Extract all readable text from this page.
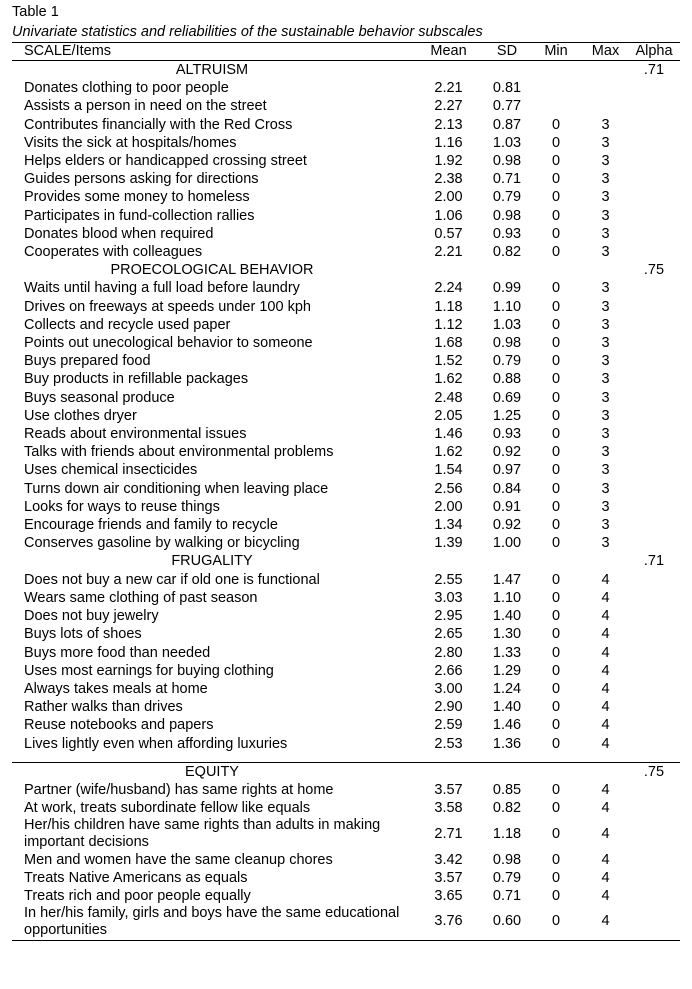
Table 1
Univariate statistics and reliabilities of the sustainable behavior subscales
SCALE/Items	Mean	SD	Min	Max	Alpha
ALTRUISM	.71
Donates clothing to poor people	2.21	0.81
Assists a person in need on the street	2.27	0.77
Contributes financially with the Red Cross	2.13	0.87	0	3
Visits the sick at hospitals/homes	1.16	1.03	0	3
Helps elders or handicapped crossing street	1.92	0.98	0	3
Guides persons asking for directions	2.38	0.71	0	3
Provides some money to homeless	2.00	0.79	0	3
Participates in fund-collection rallies	1.06	0.98	0	3
Donates blood when required	0.57	0.93	0	3
Cooperates with colleagues	2.21	0.82	0	3
PROECOLOGICAL BEHAVIOR	.75
Waits until having a full load before laundry	2.24	0.99	0	3
Drives on freeways at speeds under 100 kph	1.18	1.10	0	3
Collects and recycle used paper	1.12	1.03	0	3
Points out unecological behavior to someone	1.68	0.98	0	3
Buys prepared food	1.52	0.79	0	3
Buy products in refillable packages	1.62	0.88	0	3
Buys seasonal produce	2.48	0.69	0	3
Use clothes dryer	2.05	1.25	0	3
Reads about environmental issues	1.46	0.93	0	3
Talks with friends about environmental problems	1.62	0.92	0	3
Uses chemical insecticides	1.54	0.97	0	3
Turns down air conditioning when leaving place	2.56	0.84	0	3
Looks for ways to reuse things	2.00	0.91	0	3
Encourage friends and family to recycle	1.34	0.92	0	3
Conserves gasoline by walking or bicycling	1.39	1.00	0	3
FRUGALITY	.71
Does not buy a new car if old one is functional	2.55	1.47	0	4
Wears same clothing of past season	3.03	1.10	0	4
Does not buy jewelry	2.95	1.40	0	4
Buys lots of shoes	2.65	1.30	0	4
Buys more food than needed	2.80	1.33	0	4
Uses most earnings for buying clothing	2.66	1.29	0	4
Always takes meals at home	3.00	1.24	0	4
Rather walks than drives	2.90	1.40	0	4
Reuse notebooks and papers	2.59	1.46	0	4
Lives lightly even when affording luxuries	2.53	1.36	0	4
EQUITY	.75
Partner (wife/husband) has same rights at home	3.57	0.85	0	4
At work, treats subordinate fellow like equals	3.58	0.82	0	4
Her/his children have same rights than adults in making important decisions
2.71	1.18	0	4
Men and women have the same cleanup chores	3.42	0.98	0	4
Treats Native Americans as equals	3.57	0.79	0	4
Treats rich and poor people equally	3.65	0.71	0	4
In her/his family, girls and boys have the same educational opportunities
3.76	0.60	0	4
